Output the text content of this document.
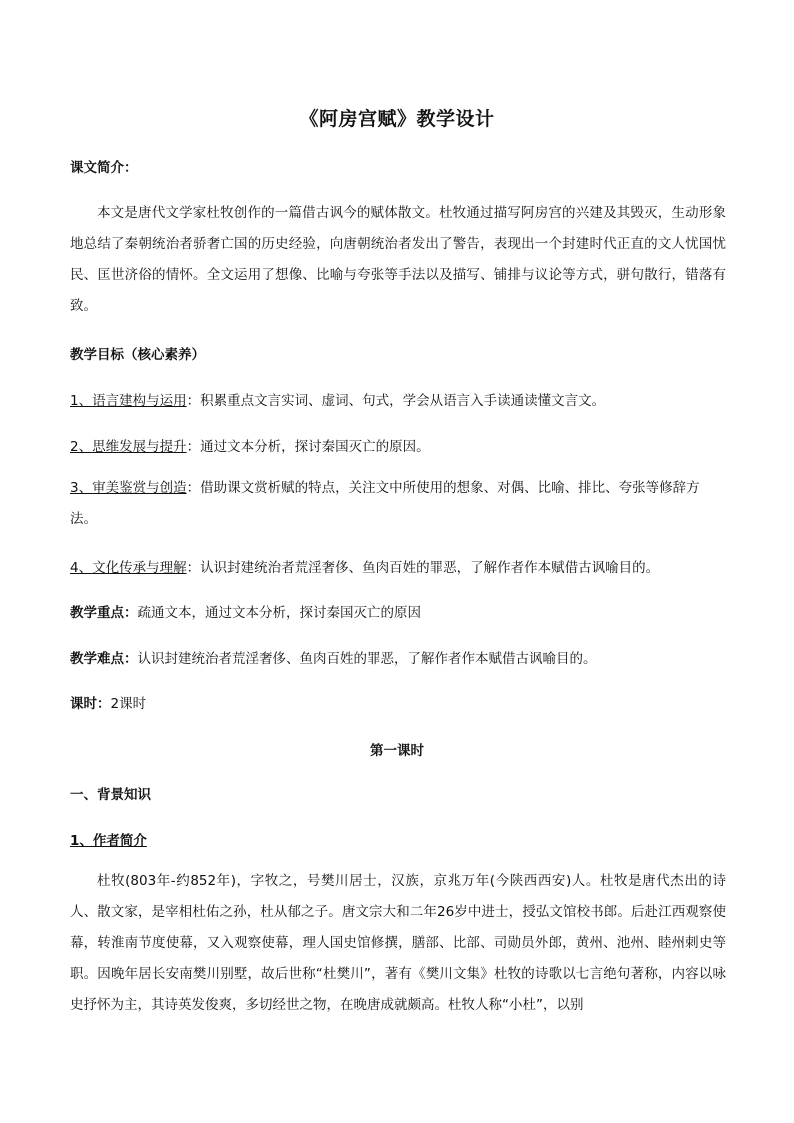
《阿房宫赋》教学设计
课文简介：
本文是唐代文学家杜牧创作的一篇借古讽今的赋体散文。杜牧通过描写阿房宫的兴建及其毁灭，生动形象地总结了秦朝统治者骄奢亡国的历史经验，向唐朝统治者发出了警告，表现出一个封建时代正直的文人忧国忧民、匡世济俗的情怀。全文运用了想像、比喻与夸张等手法以及描写、铺排与议论等方式，骈句散行，错落有致。
教学目标（核心素养）
1、语言建构与运用：积累重点文言实词、虚词、句式，学会从语言入手读通读懂文言文。
2、思维发展与提升：通过文本分析，探讨秦国灭亡的原因。
3、审美鉴赏与创造：借助课文赏析赋的特点，关注文中所使用的想象、对偶、比喻、排比、夸张等修辞方法。
4、文化传承与理解：认识封建统治者荒淫奢侈、鱼肉百姓的罪恶，了解作者作本赋借古讽喻目的。
教学重点：疏通文本，通过文本分析，探讨秦国灭亡的原因
教学难点：认识封建统治者荒淫奢侈、鱼肉百姓的罪恶，了解作者作本赋借古讽喻目的。
课时：2课时
第一课时
一、背景知识
1、作者简介
杜牧(803年-约852年)，字牧之，号樊川居士，汉族，京兆万年(今陕西西安)人。杜牧是唐代杰出的诗人、散文家，是宰相杜佑之孙，杜从郁之子。唐文宗大和二年26岁中进士，授弘文馆校书郎。后赴江西观察使幕，转淮南节度使幕，又入观察使幕，理人国史馆修撰，膳部、比部、司勋员外郎，黄州、池州、睦州刺史等职。因晚年居长安南樊川别墅，故后世称“杜樊川”，著有《樊川文集》杜牧的诗歌以七言绝句著称，内容以咏史抒怀为主，其诗英发俊爽，多切经世之物，在晚唐成就颇高。杜牧人称“小杜”，以别
